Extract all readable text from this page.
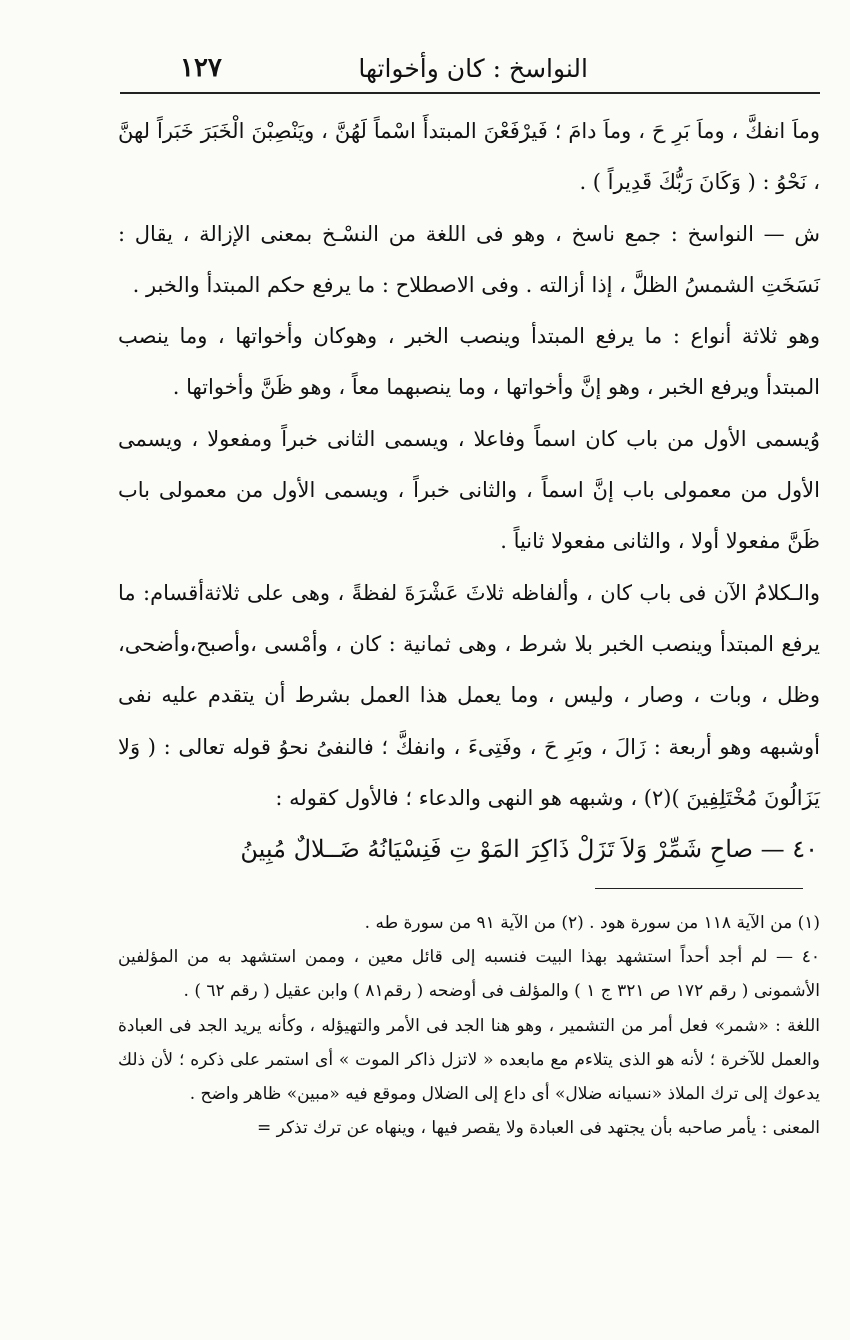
١٢٧	النواسخ : كان وأخواتها

وماَ انفكَّ ، وماَ بَرِ حَ ، وماَ دامَ ؛ فَيرْفَعْنَ المبتدأَ اسْماً لَهُنَّ ، ويَنْصِبْنَ الْخَبَرَ خَبَراً لهنَّ ، نَحْوُ : ( وَكَانَ رَبُّكَ قَدِيراً ) .

ش — النواسخ : جمع ناسخ ، وهو فى اللغة من النسْـخ بمعنى الإزالة ، يقال : نَسَخَتِ الشمسُ الظلَّ ، إذا أزالته . وفى الاصطلاح : ما يرفع حكم المبتدأ والخبر .

وهو ثلاثة أنواع : ما يرفع المبتدأ وينصب الخبر ، وهوكان وأخواتها ، وما ينصب المبتدأ ويرفع الخبر ، وهو إنَّ وأخواتها ، وما ينصبهما معاً ، وهو ظَنَّ وأخواتها .

وُيسمى الأول من باب كان اسماً وفاعلا ، ويسمى الثانى خبراً ومفعولا ، ويسمى الأول من معمولى باب إنَّ اسماً ، والثانى خبراً ، ويسمى الأول من معمولى باب ظَنَّ مفعولا أولا ، والثانى مفعولا ثانياً .

والـكلامُ الآن فى باب كان ، وألفاظه ثلاثَ عَشْرَةَ لفظةً ، وهى على ثلاثةأقسام: ما يرفع المبتدأ وينصب الخبر بلا شرط ، وهى ثمانية : كان ، وأمْسى ،وأصبح،وأضحى، وظل ، وبات ، وصار ، وليس ، وما يعمل هذا العمل بشرط أن يتقدم عليه نفى أوشبهه وهو أربعة : زَالَ ، وبَرِ حَ ، وفَتِىءَ ، وانفكَّ ؛ فالنفىُ نحوُ قوله تعالى : ( وَلا يَزَالُونَ مُخْتَلِفِينَ )(٢) ، وشبهه هو النهى والدعاء ؛ فالأول كقوله :

٤٠ — صاحِ شَمِّرْ وَلاَ تَزَلْ ذَاكِرَ المَوْ تِ فَنِسْيَانُهُ ضَــلالٌ مُبِينُ

(١) من الآية ١١٨ من سورة هود . (٢) من الآية ٩١ من سورة طه .

٤٠ — لم أجد أحداً استشهد بهذا البيت فنسبه إلى قائل معين ، وممن استشهد به من المؤلفين الأشمونى ( رقم ١٧٢ ص ٣٢١ ج ١ ) والمؤلف فى أوضحه ( رقم٨١ ) وابن عقيل ( رقم ٦٢ ) .

اللغة : «شمر» فعل أمر من التشمير ، وهو هنا الجد فى الأمر والتهيؤله ، وكأنه يريد الجد فى العبادة والعمل للآخرة ؛ لأنه هو الذى يتلاءم مع مابعده « لاتزل ذاكر الموت » أى استمر على ذكره ؛ لأن ذلك يدعوك إلى ترك الملاذ «نسيانه ضلال» أى داع إلى الضلال وموقع فيه «مبين» ظاهر واضح .

المعنى : يأمر صاحبه بأن يجتهد فى العبادة ولا يقصر فيها ، وينهاه عن ترك تذكر =
